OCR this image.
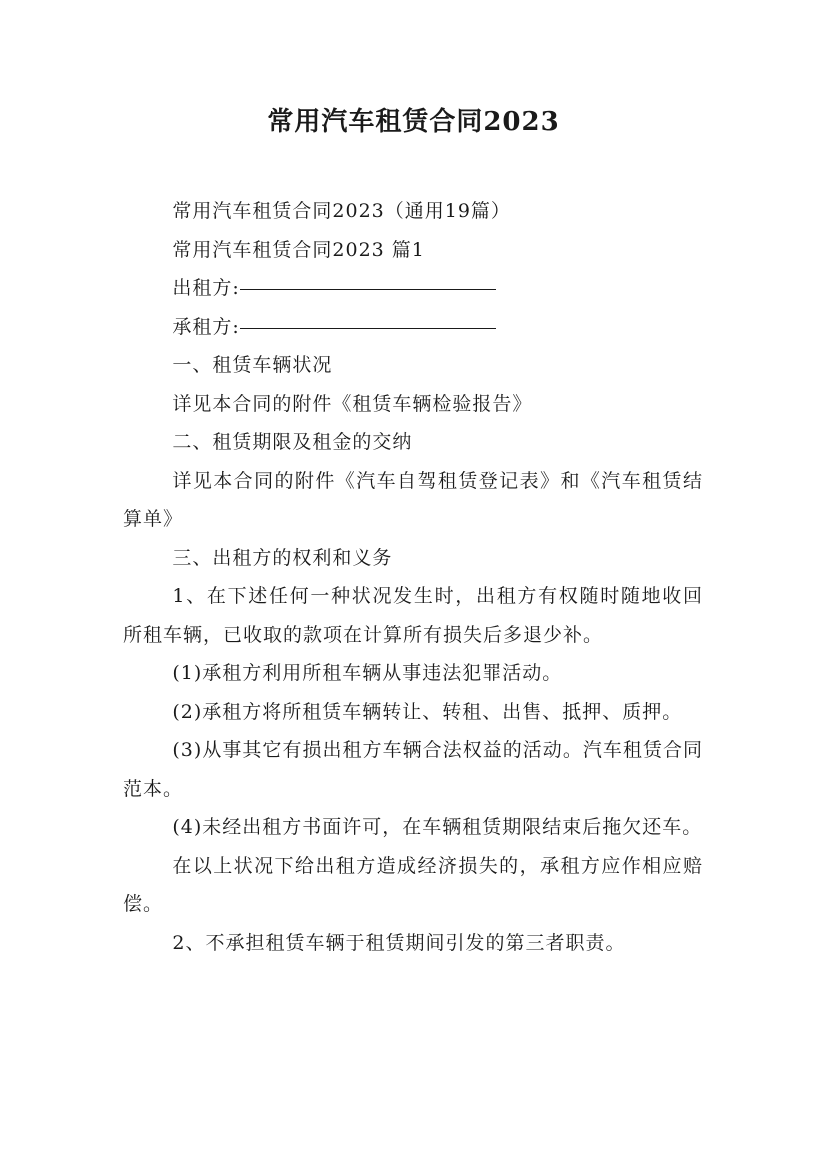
常用汽车租赁合同2023

常用汽车租赁合同2023（通用19篇）

常用汽车租赁合同2023 篇1

出租方:

承租方:

一、租赁车辆状况

详见本合同的附件《租赁车辆检验报告》

二、租赁期限及租金的交纳

详见本合同的附件《汽车自驾租赁登记表》和《汽车租赁结算单》

三、出租方的权利和义务

1、在下述任何一种状况发生时，出租方有权随时随地收回所租车辆，已收取的款项在计算所有损失后多退少补。

(1)承租方利用所租车辆从事违法犯罪活动。

(2)承租方将所租赁车辆转让、转租、出售、抵押、质押。

(3)从事其它有损出租方车辆合法权益的活动。汽车租赁合同范本。

(4)未经出租方书面许可，在车辆租赁期限结束后拖欠还车。

在以上状况下给出租方造成经济损失的，承租方应作相应赔偿。

2、不承担租赁车辆于租赁期间引发的第三者职责。
